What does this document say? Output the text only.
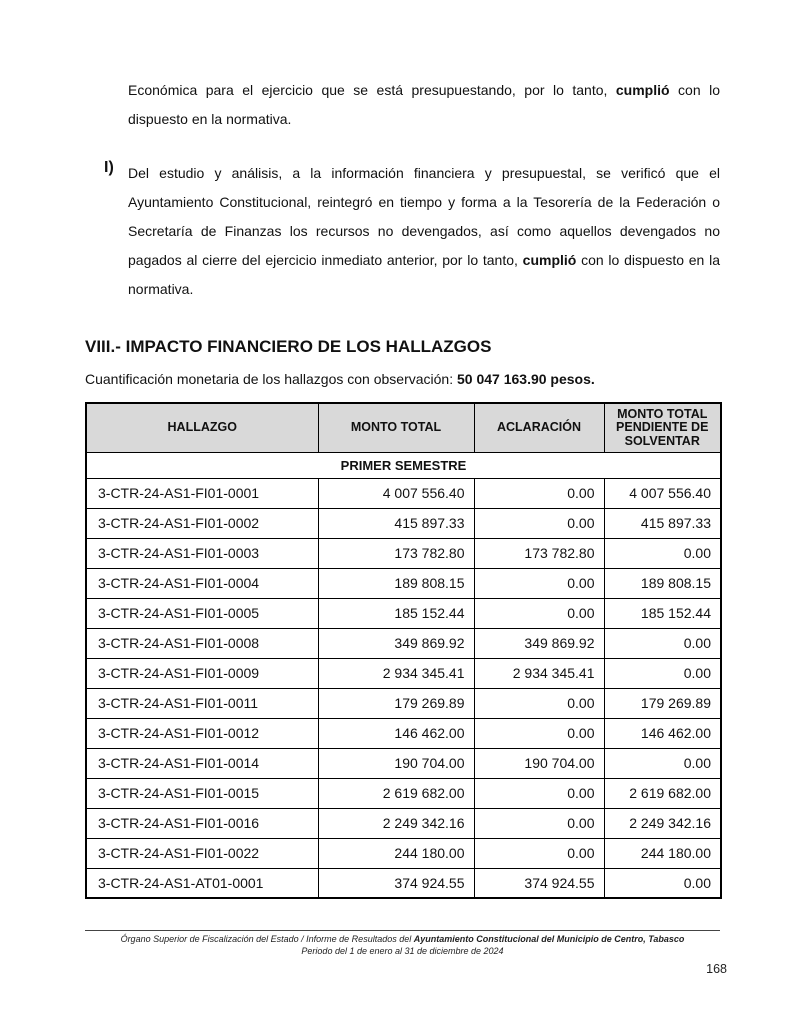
Económica para el ejercicio que se está presupuestando, por lo tanto, cumplió con lo dispuesto en la normativa.

I)	Del estudio y análisis, a la información financiera y presupuestal, se verificó que el Ayuntamiento Constitucional, reintegró en tiempo y forma a la Tesorería de la Federación o Secretaría de Finanzas los recursos no devengados, así como aquellos devengados no pagados al cierre del ejercicio inmediato anterior, por lo tanto, cumplió con lo dispuesto en la normativa.

VIII.- IMPACTO FINANCIERO DE LOS HALLAZGOS

Cuantificación monetaria de los hallazgos con observación: 50 047 163.90 pesos.

HALLAZGO	MONTO TOTAL	ACLARACIÓN	MONTO TOTAL PENDIENTE DE SOLVENTAR
PRIMER SEMESTRE			
3-CTR-24-AS1-FI01-0001	4 007 556.40	0.00	4 007 556.40
3-CTR-24-AS1-FI01-0002	415 897.33	0.00	415 897.33
3-CTR-24-AS1-FI01-0003	173 782.80	173 782.80	0.00
3-CTR-24-AS1-FI01-0004	189 808.15	0.00	189 808.15
3-CTR-24-AS1-FI01-0005	185 152.44	0.00	185 152.44
3-CTR-24-AS1-FI01-0008	349 869.92	349 869.92	0.00
3-CTR-24-AS1-FI01-0009	2 934 345.41	2 934 345.41	0.00
3-CTR-24-AS1-FI01-0011	179 269.89	0.00	179 269.89
3-CTR-24-AS1-FI01-0012	146 462.00	0.00	146 462.00
3-CTR-24-AS1-FI01-0014	190 704.00	190 704.00	0.00
3-CTR-24-AS1-FI01-0015	2 619 682.00	0.00	2 619 682.00
3-CTR-24-AS1-FI01-0016	2 249 342.16	0.00	2 249 342.16
3-CTR-24-AS1-FI01-0022	244 180.00	0.00	244 180.00
3-CTR-24-AS1-AT01-0001	374 924.55	374 924.55	0.00
Órgano Superior de Fiscalización del Estado / Informe de Resultados del Ayuntamiento Constitucional del Municipio de Centro, Tabasco
Periodo del 1 de enero al 31 de diciembre de 2024
168
